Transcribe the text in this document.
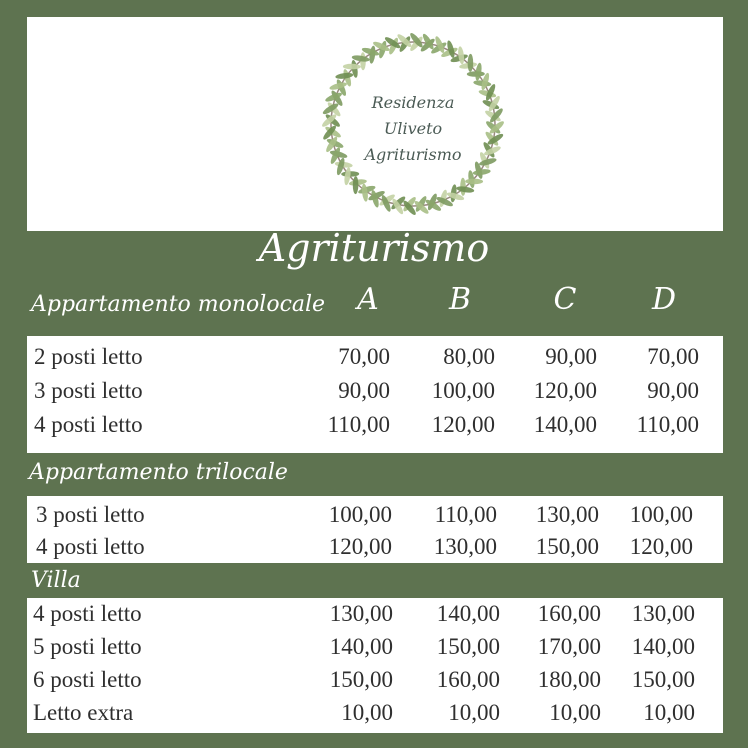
Residenza
Uliveto
Agriturismo
Agriturismo
Appartamento monolocale	A	B	C	D
2 posti letto	70,00	80,00	90,00	70,00
3 posti letto	90,00	100,00	120,00	90,00
4 posti letto	110,00	120,00	140,00	110,00
Appartamento trilocale
3 posti letto	100,00	110,00	130,00	100,00
4 posti letto	120,00	130,00	150,00	120,00
Villa
4 posti letto	130,00	140,00	160,00	130,00
5 posti letto	140,00	150,00	170,00	140,00
6 posti letto	150,00	160,00	180,00	150,00
Letto extra	10,00	10,00	10,00	10,00
